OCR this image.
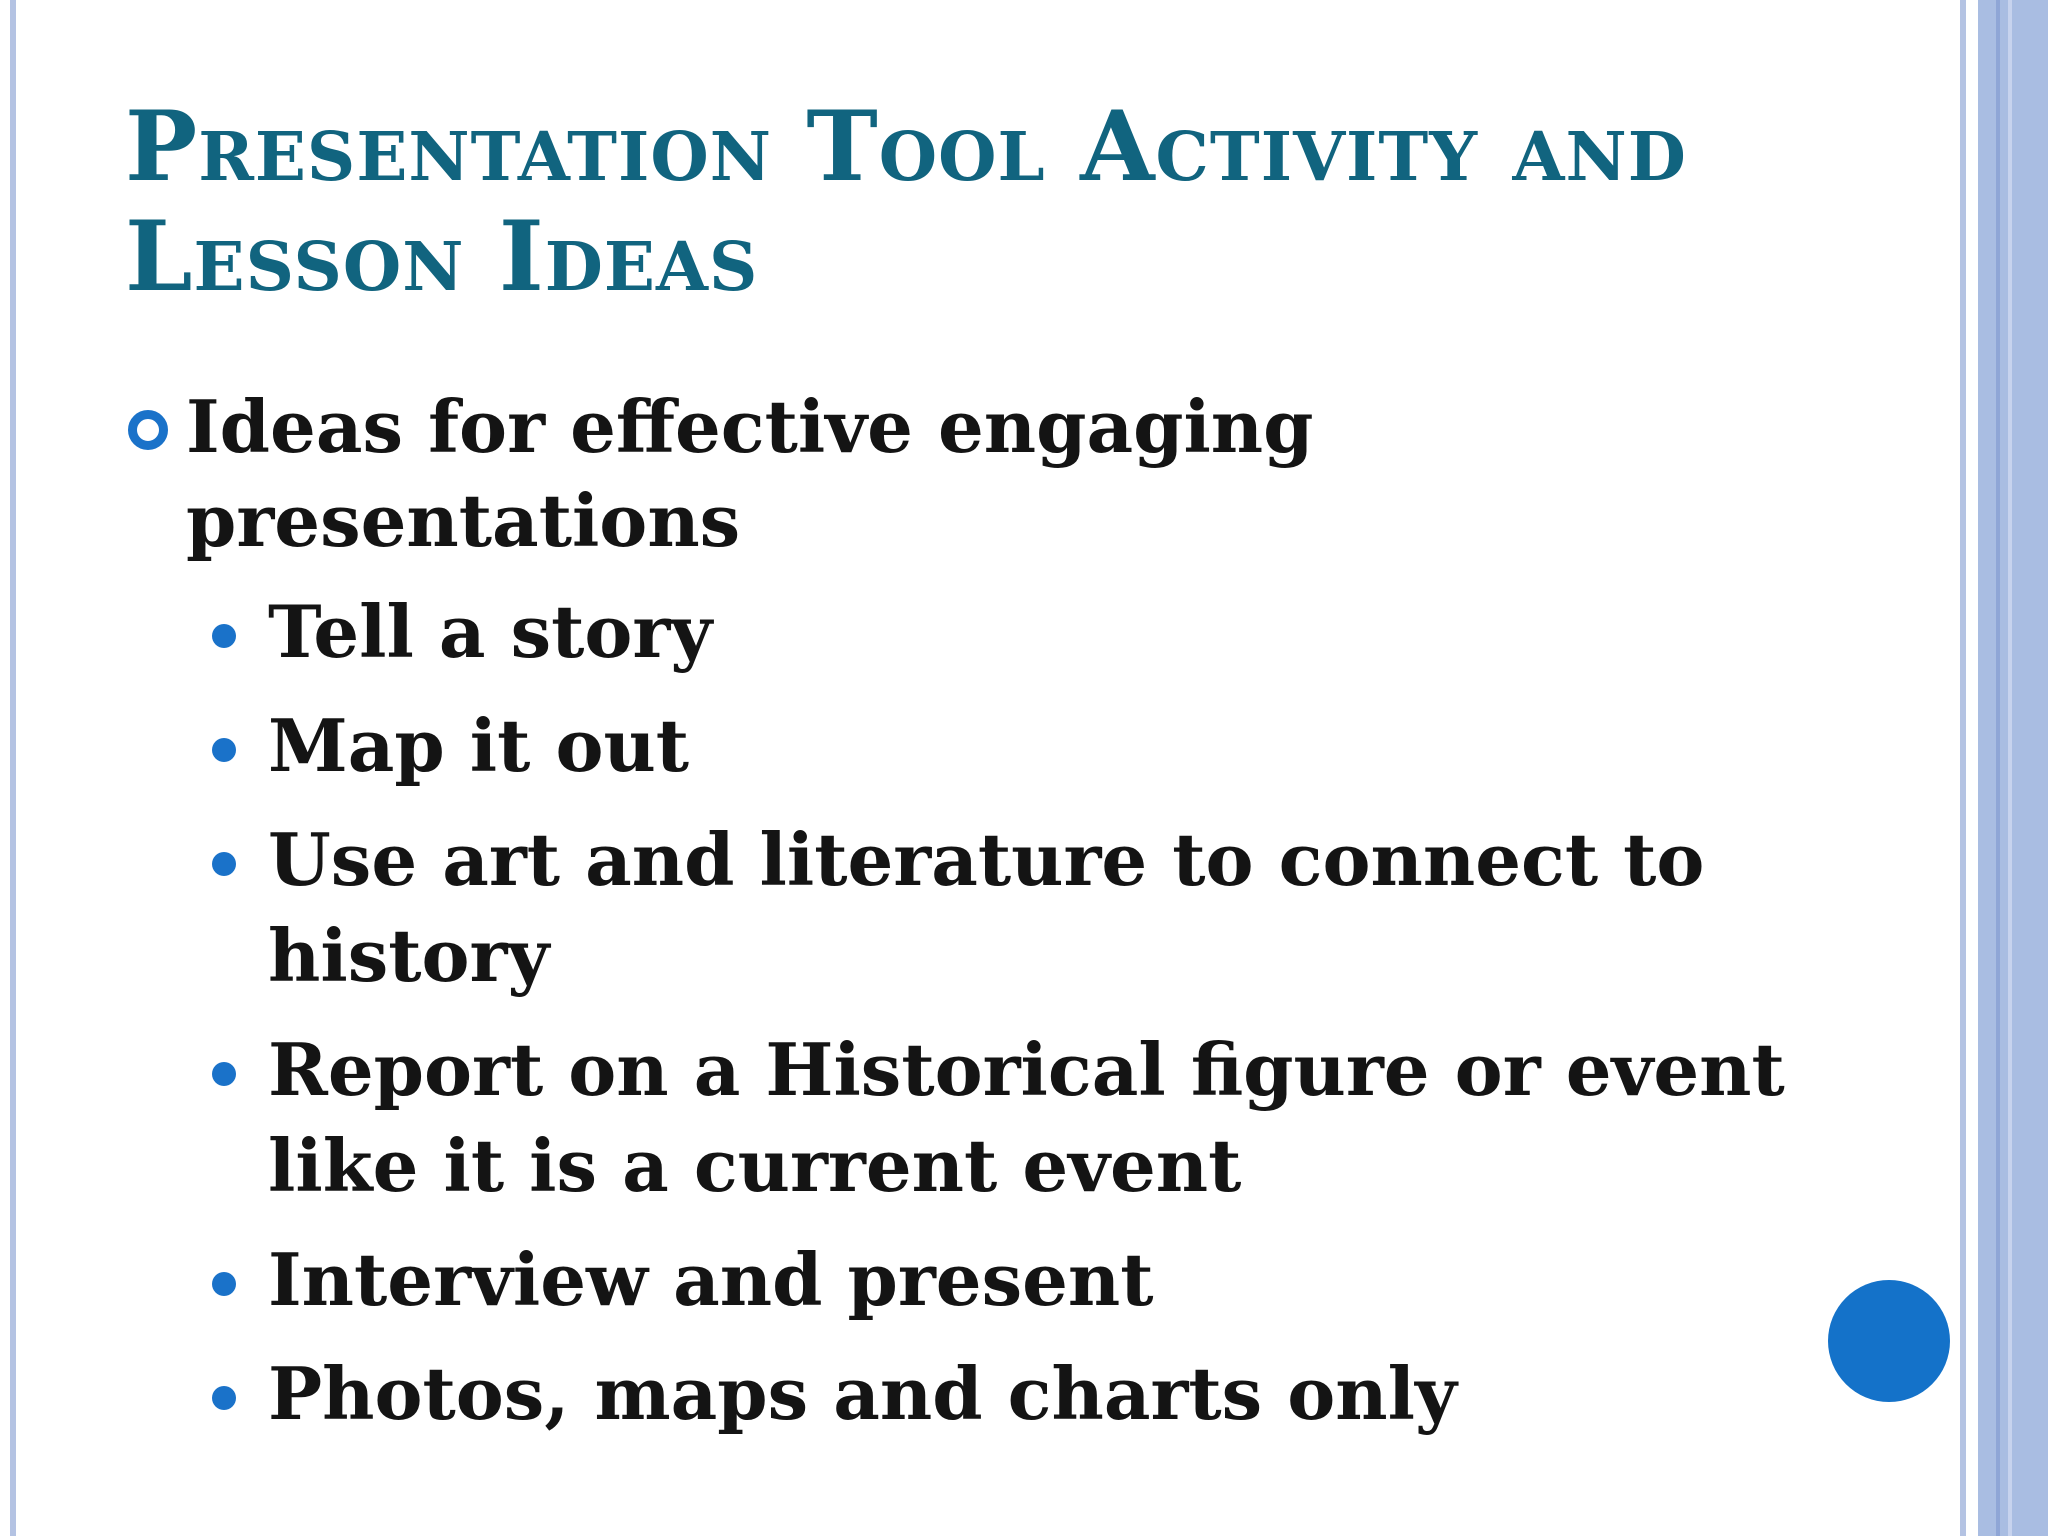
Presentation Tool Activity and Lesson Ideas
Ideas for effective engaging presentations
Tell a story
Map it out
Use art and literature to connect to history
Report on a Historical figure or event like it is a current event
Interview and present
Photos, maps and charts only
